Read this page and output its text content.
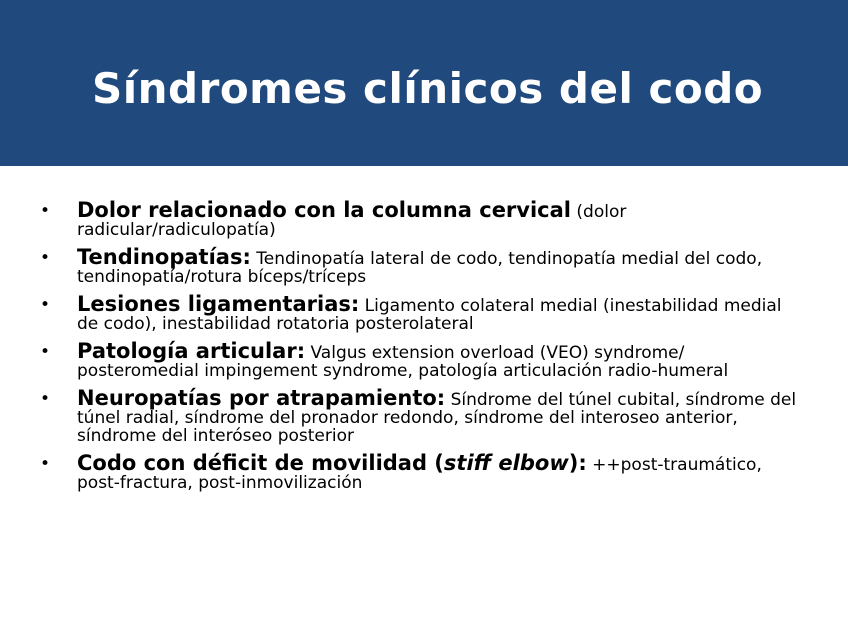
Síndromes clínicos del codo
• Dolor relacionado con la columna cervical (dolor radicular/radiculopatía)
• Tendinopatías: Tendinopatía lateral de codo, tendinopatía medial del codo, tendinopatía/rotura bíceps/tríceps
• Lesiones ligamentarias: Ligamento colateral medial (inestabilidad medial de codo), inestabilidad rotatoria posterolateral
• Patología articular: Valgus extension overload (VEO) syndrome/ posteromedial impingement syndrome, patología articulación radio-humeral
• Neuropatías por atrapamiento: Síndrome del túnel cubital, síndrome del túnel radial, síndrome del pronador redondo, síndrome del interoseo anterior, síndrome del interóseo posterior
• Codo con déficit de movilidad (stiff elbow): ++post-traumático, post-fractura, post-inmovilización
